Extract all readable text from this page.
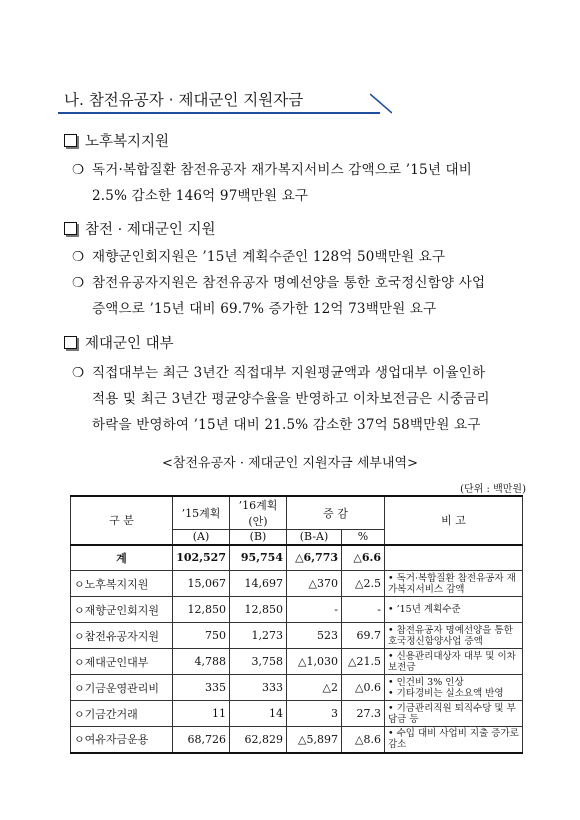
나. 참전유공자 · 제대군인 지원자금
노후복지지원
❍ 독거·복합질환 참전유공자 재가복지서비스 감액으로 ’15년 대비
2.5% 감소한 146억 97백만원 요구
참전 · 제대군인 지원
❍ 재향군인회지원은 ’15년 계획수준인 128억 50백만원 요구
❍ 참전유공자지원은 참전유공자 명예선양을 통한 호국정신함양 사업
증액으로 ’15년 대비 69.7% 증가한 12억 73백만원 요구
제대군인 대부
❍ 직접대부는 최근 3년간 직접대부 지원평균액과 생업대부 이율인하
적용 및 최근 3년간 평균양수율을 반영하고 이차보전금은 시중금리
하락을 반영하여 ’15년 대비 21.5% 감소한 37억 58백만원 요구
<참전유공자 · 제대군인 지원자금 세부내역>
(단위 : 백만원)
구 분	’15계획	’16계획(안)	증 감		비 고
	(A)	(B)	(B-A)	%	
계	102,527	95,754	△6,773	△6.6	
ㅇ노후복지지원	15,067	14,697	△370	△2.5	• 독거·복합질환 참전유공자 재가복지서비스 감액
ㅇ재향군인회지원	12,850	12,850	-	-	• ’15년 계획수준
ㅇ참전유공자지원	750	1,273	523	69.7	• 참전유공자 명예선양을 통한 호국정신함양사업 증액
ㅇ제대군인대부	4,788	3,758	△1,030	△21.5	• 신용관리대상자 대부 및 이차보전금
ㅇ기금운영관리비	335	333	△2	△0.6	• 인건비 3% 인상
• 기타경비는 실소요액 반영
ㅇ기금간거래	11	14	3	27.3	• 기금관리직원 퇴직수당 및 부담금 등
ㅇ여유자금운용	68,726	62,829	△5,897	△8.6	• 수입 대비 사업비 지출 증가로 감소
